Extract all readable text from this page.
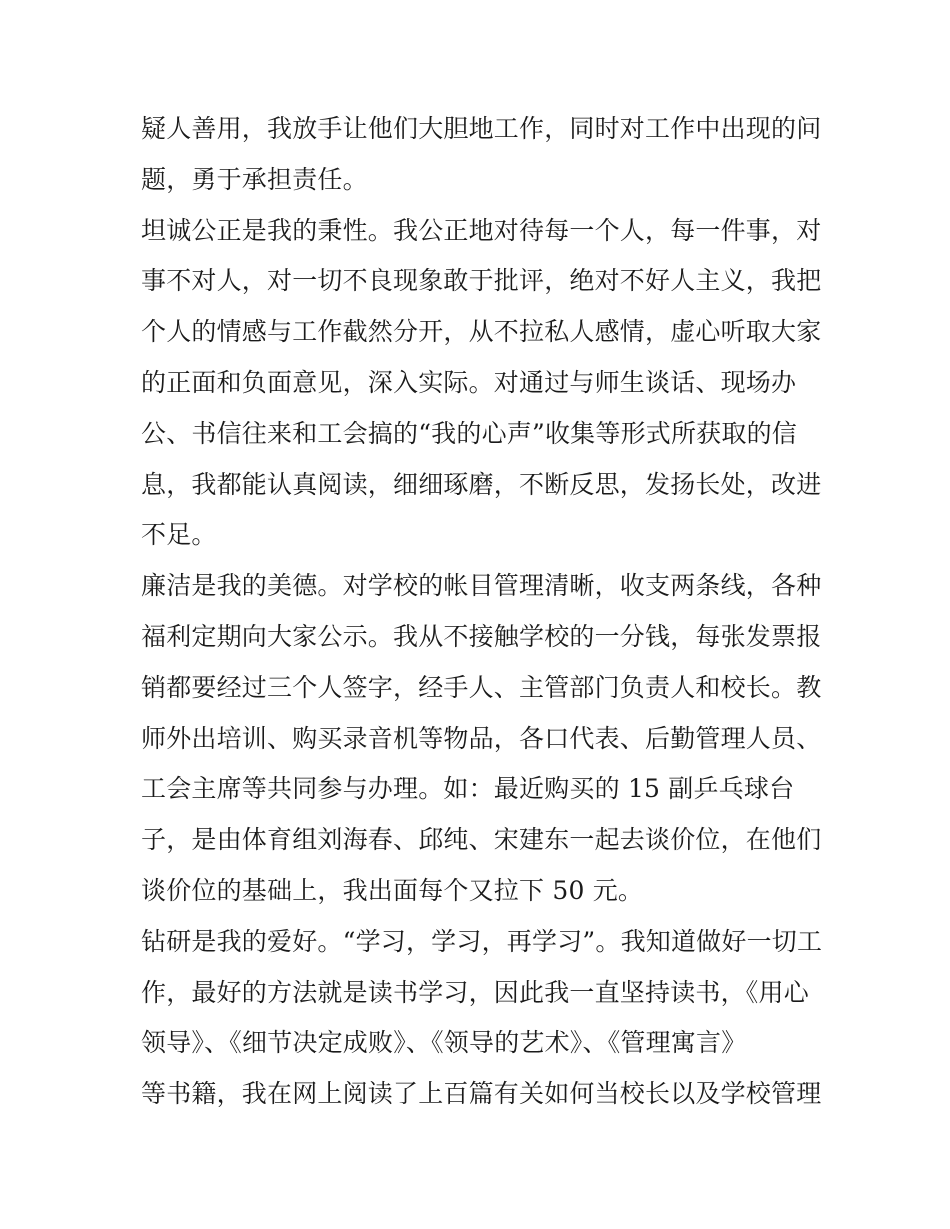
疑人善用，我放手让他们大胆地工作，同时对工作中出现的问
题，勇于承担责任。
坦诚公正是我的秉性。我公正地对待每一个人，每一件事，对
事不对人，对一切不良现象敢于批评，绝对不好人主义，我把
个人的情感与工作截然分开，从不拉私人感情，虚心听取大家
的正面和负面意见，深入实际。对通过与师生谈话、现场办
公、书信往来和工会搞的“我的心声”收集等形式所获取的信
息，我都能认真阅读，细细琢磨，不断反思，发扬长处，改进
不足。
廉洁是我的美德。对学校的帐目管理清晰，收支两条线，各种
福利定期向大家公示。我从不接触学校的一分钱，每张发票报
销都要经过三个人签字，经手人、主管部门负责人和校长。教
师外出培训、购买录音机等物品，各口代表、后勤管理人员、
工会主席等共同参与办理。如：最近购买的 15 副乒乓球台
子，是由体育组刘海春、邱纯、宋建东一起去谈价位，在他们
谈价位的基础上，我出面每个又拉下 50 元。
钻研是我的爱好。“学习，学习，再学习”。我知道做好一切工
作，最好的方法就是读书学习，因此我一直坚持读书，《用心
领导》、《细节决定成败》、《领导的艺术》、《管理寓言》
等书籍，我在网上阅读了上百篇有关如何当校长以及学校管理
